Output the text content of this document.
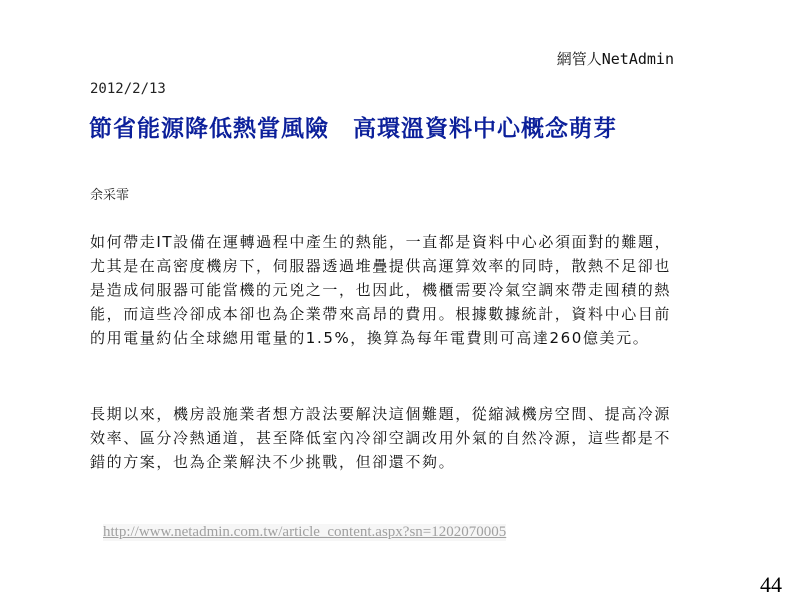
網管人NetAdmin
2012/2/13
節省能源降低熱當風險　高環溫資料中心概念萌芽
余采霏
如何帶走IT設備在運轉過程中產生的熱能，一直都是資料中心必須面對的難題，尤其是在高密度機房下，伺服器透過堆疊提供高運算效率的同時，散熱不足卻也是造成伺服器可能當機的元兇之一，也因此，機櫃需要冷氣空調來帶走囤積的熱能，而這些冷卻成本卻也為企業帶來高昂的費用。根據數據統計，資料中心目前的用電量約佔全球總用電量的1.5%，換算為每年電費則可高達260億美元。
長期以來，機房設施業者想方設法要解決這個難題，從縮減機房空間、提高冷源效率、區分冷熱通道，甚至降低室內冷卻空調改用外氣的自然冷源，這些都是不錯的方案，也為企業解決不少挑戰，但卻還不夠。
http://www.netadmin.com.tw/article_content.aspx?sn=1202070005
44
